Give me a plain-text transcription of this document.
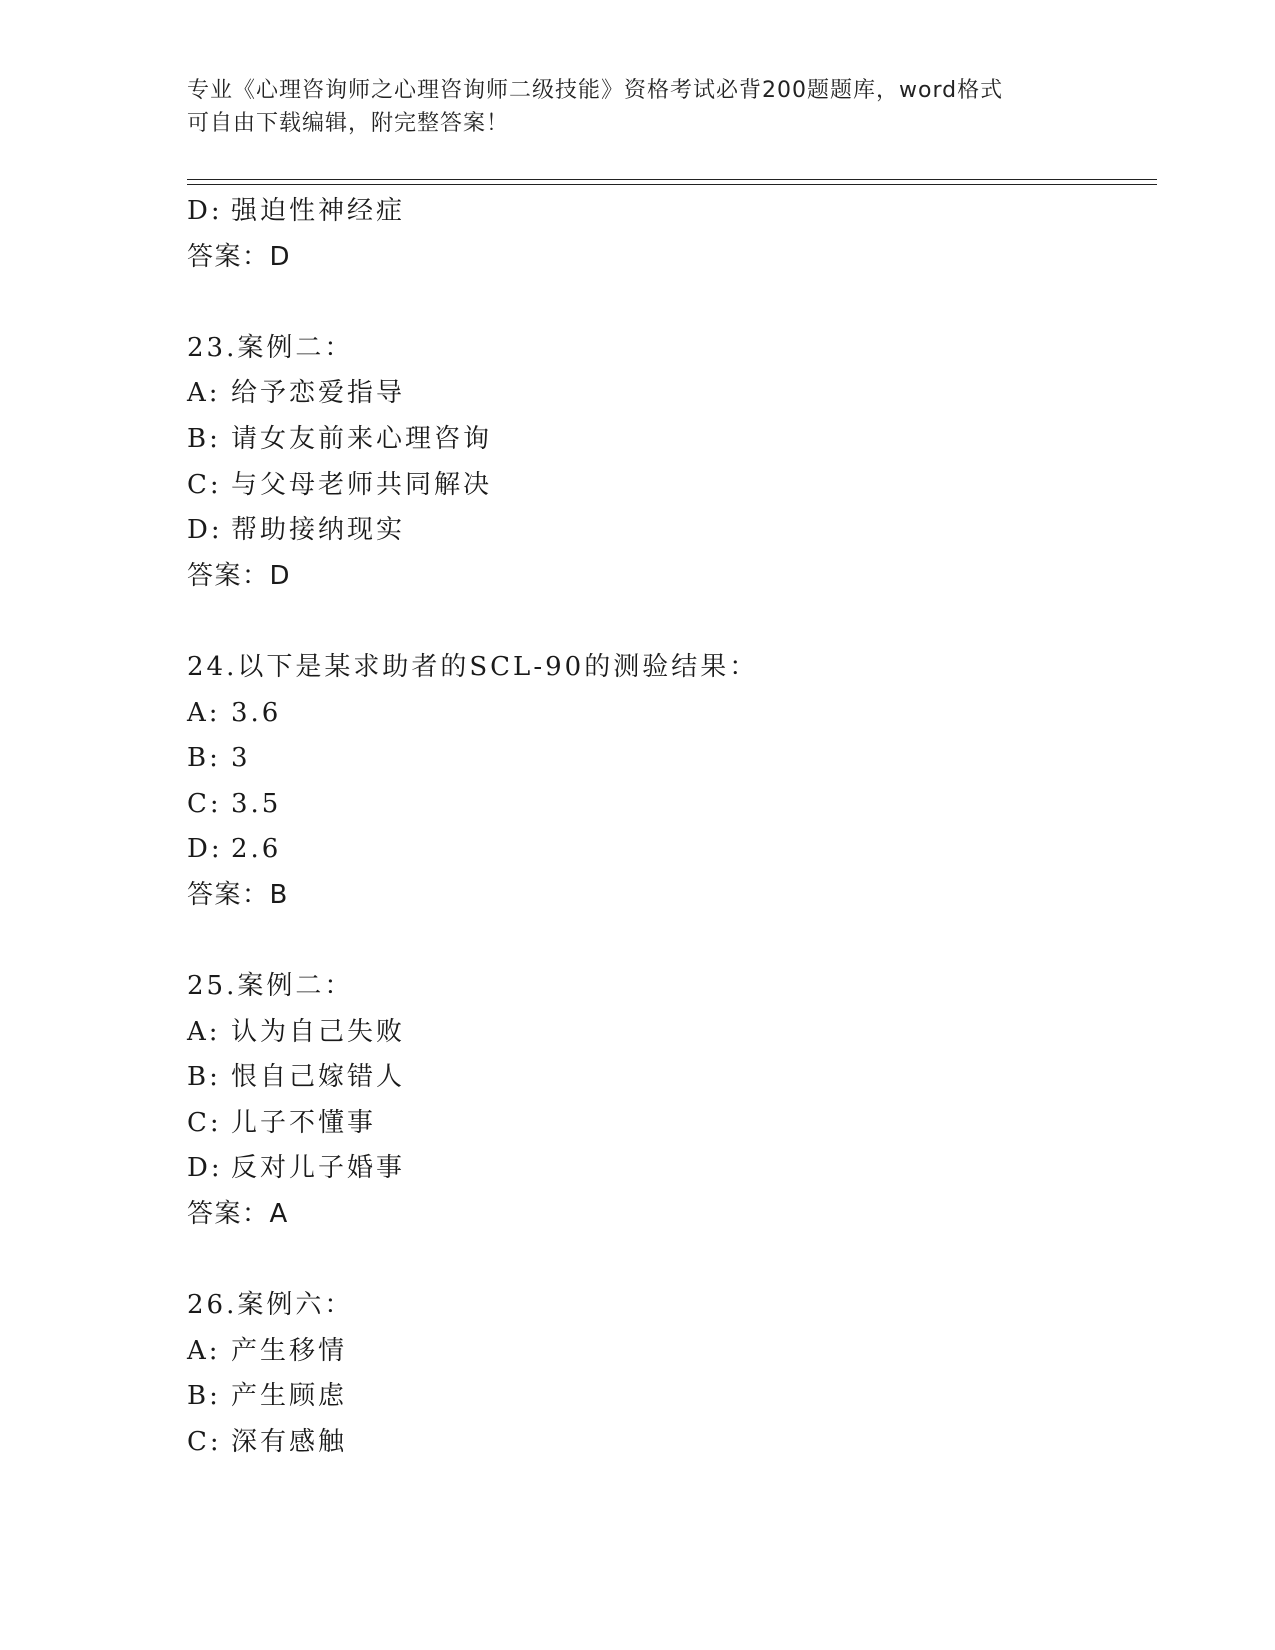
专业《心理咨询师之心理咨询师二级技能》资格考试必背200题题库，word格式
可自由下载编辑，附完整答案！
D: 强迫性神经症
答案：D
23.案例二：
A: 给予恋爱指导
B: 请女友前来心理咨询
C: 与父母老师共同解决
D: 帮助接纳现实
答案：D
24.以下是某求助者的SCL-90的测验结果：
A: 3.6
B: 3
C: 3.5
D: 2.6
答案：B
25.案例二：
A: 认为自己失败
B: 恨自己嫁错人
C: 儿子不懂事
D: 反对儿子婚事
答案：A
26.案例六：
A: 产生移情
B: 产生顾虑
C: 深有感触
